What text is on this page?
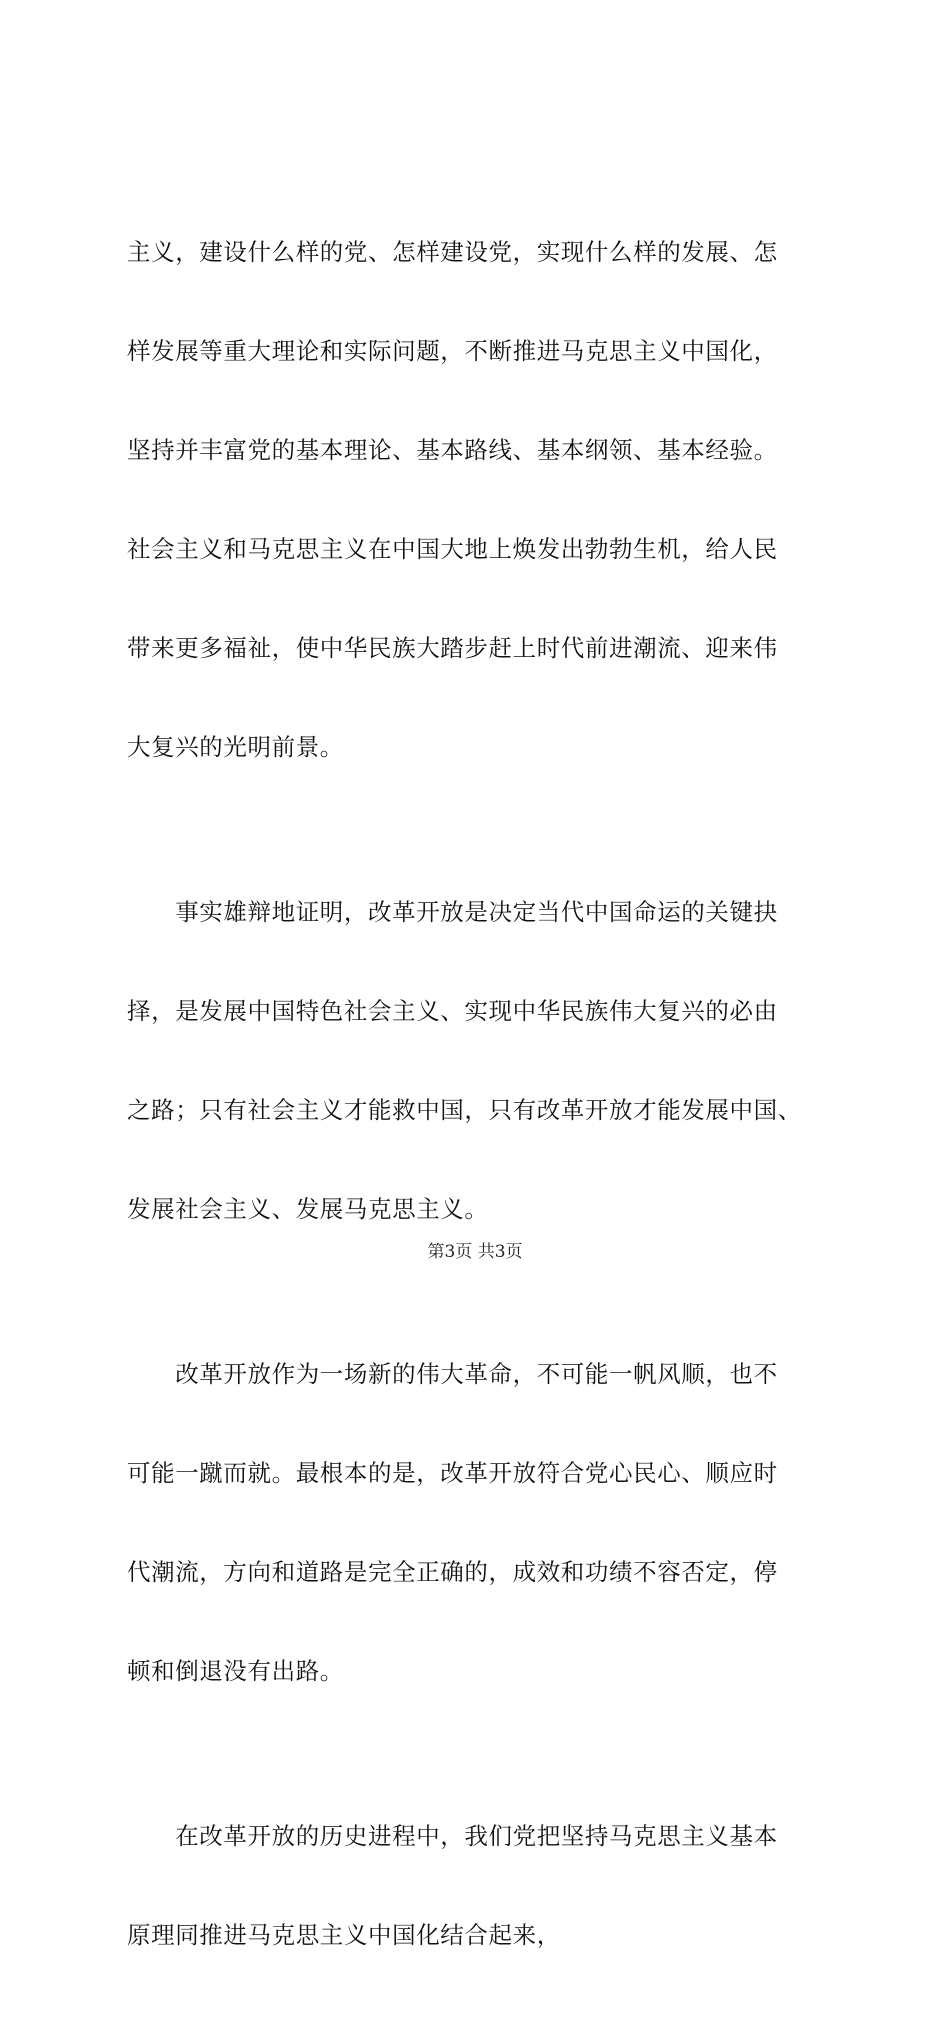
主义，建设什么样的党、怎样建设党，实现什么样的发展、怎

样发展等重大理论和实际问题，不断推进马克思主义中国化，

坚持并丰富党的基本理论、基本路线、基本纲领、基本经验。

社会主义和马克思主义在中国大地上焕发出勃勃生机，给人民

带来更多福祉，使中华民族大踏步赶上时代前进潮流、迎来伟

大复兴的光明前景。

　　事实雄辩地证明，改革开放是决定当代中国命运的关键抉

择，是发展中国特色社会主义、实现中华民族伟大复兴的必由

之路；只有社会主义才能救中国，只有改革开放才能发展中国、

发展社会主义、发展马克思主义。

　　改革开放作为一场新的伟大革命，不可能一帆风顺，也不

可能一蹴而就。最根本的是，改革开放符合党心民心、顺应时

代潮流，方向和道路是完全正确的，成效和功绩不容否定，停

顿和倒退没有出路。

　　在改革开放的历史进程中，我们党把坚持马克思主义基本

原理同推进马克思主义中国化结合起来，

第3页 共3页
